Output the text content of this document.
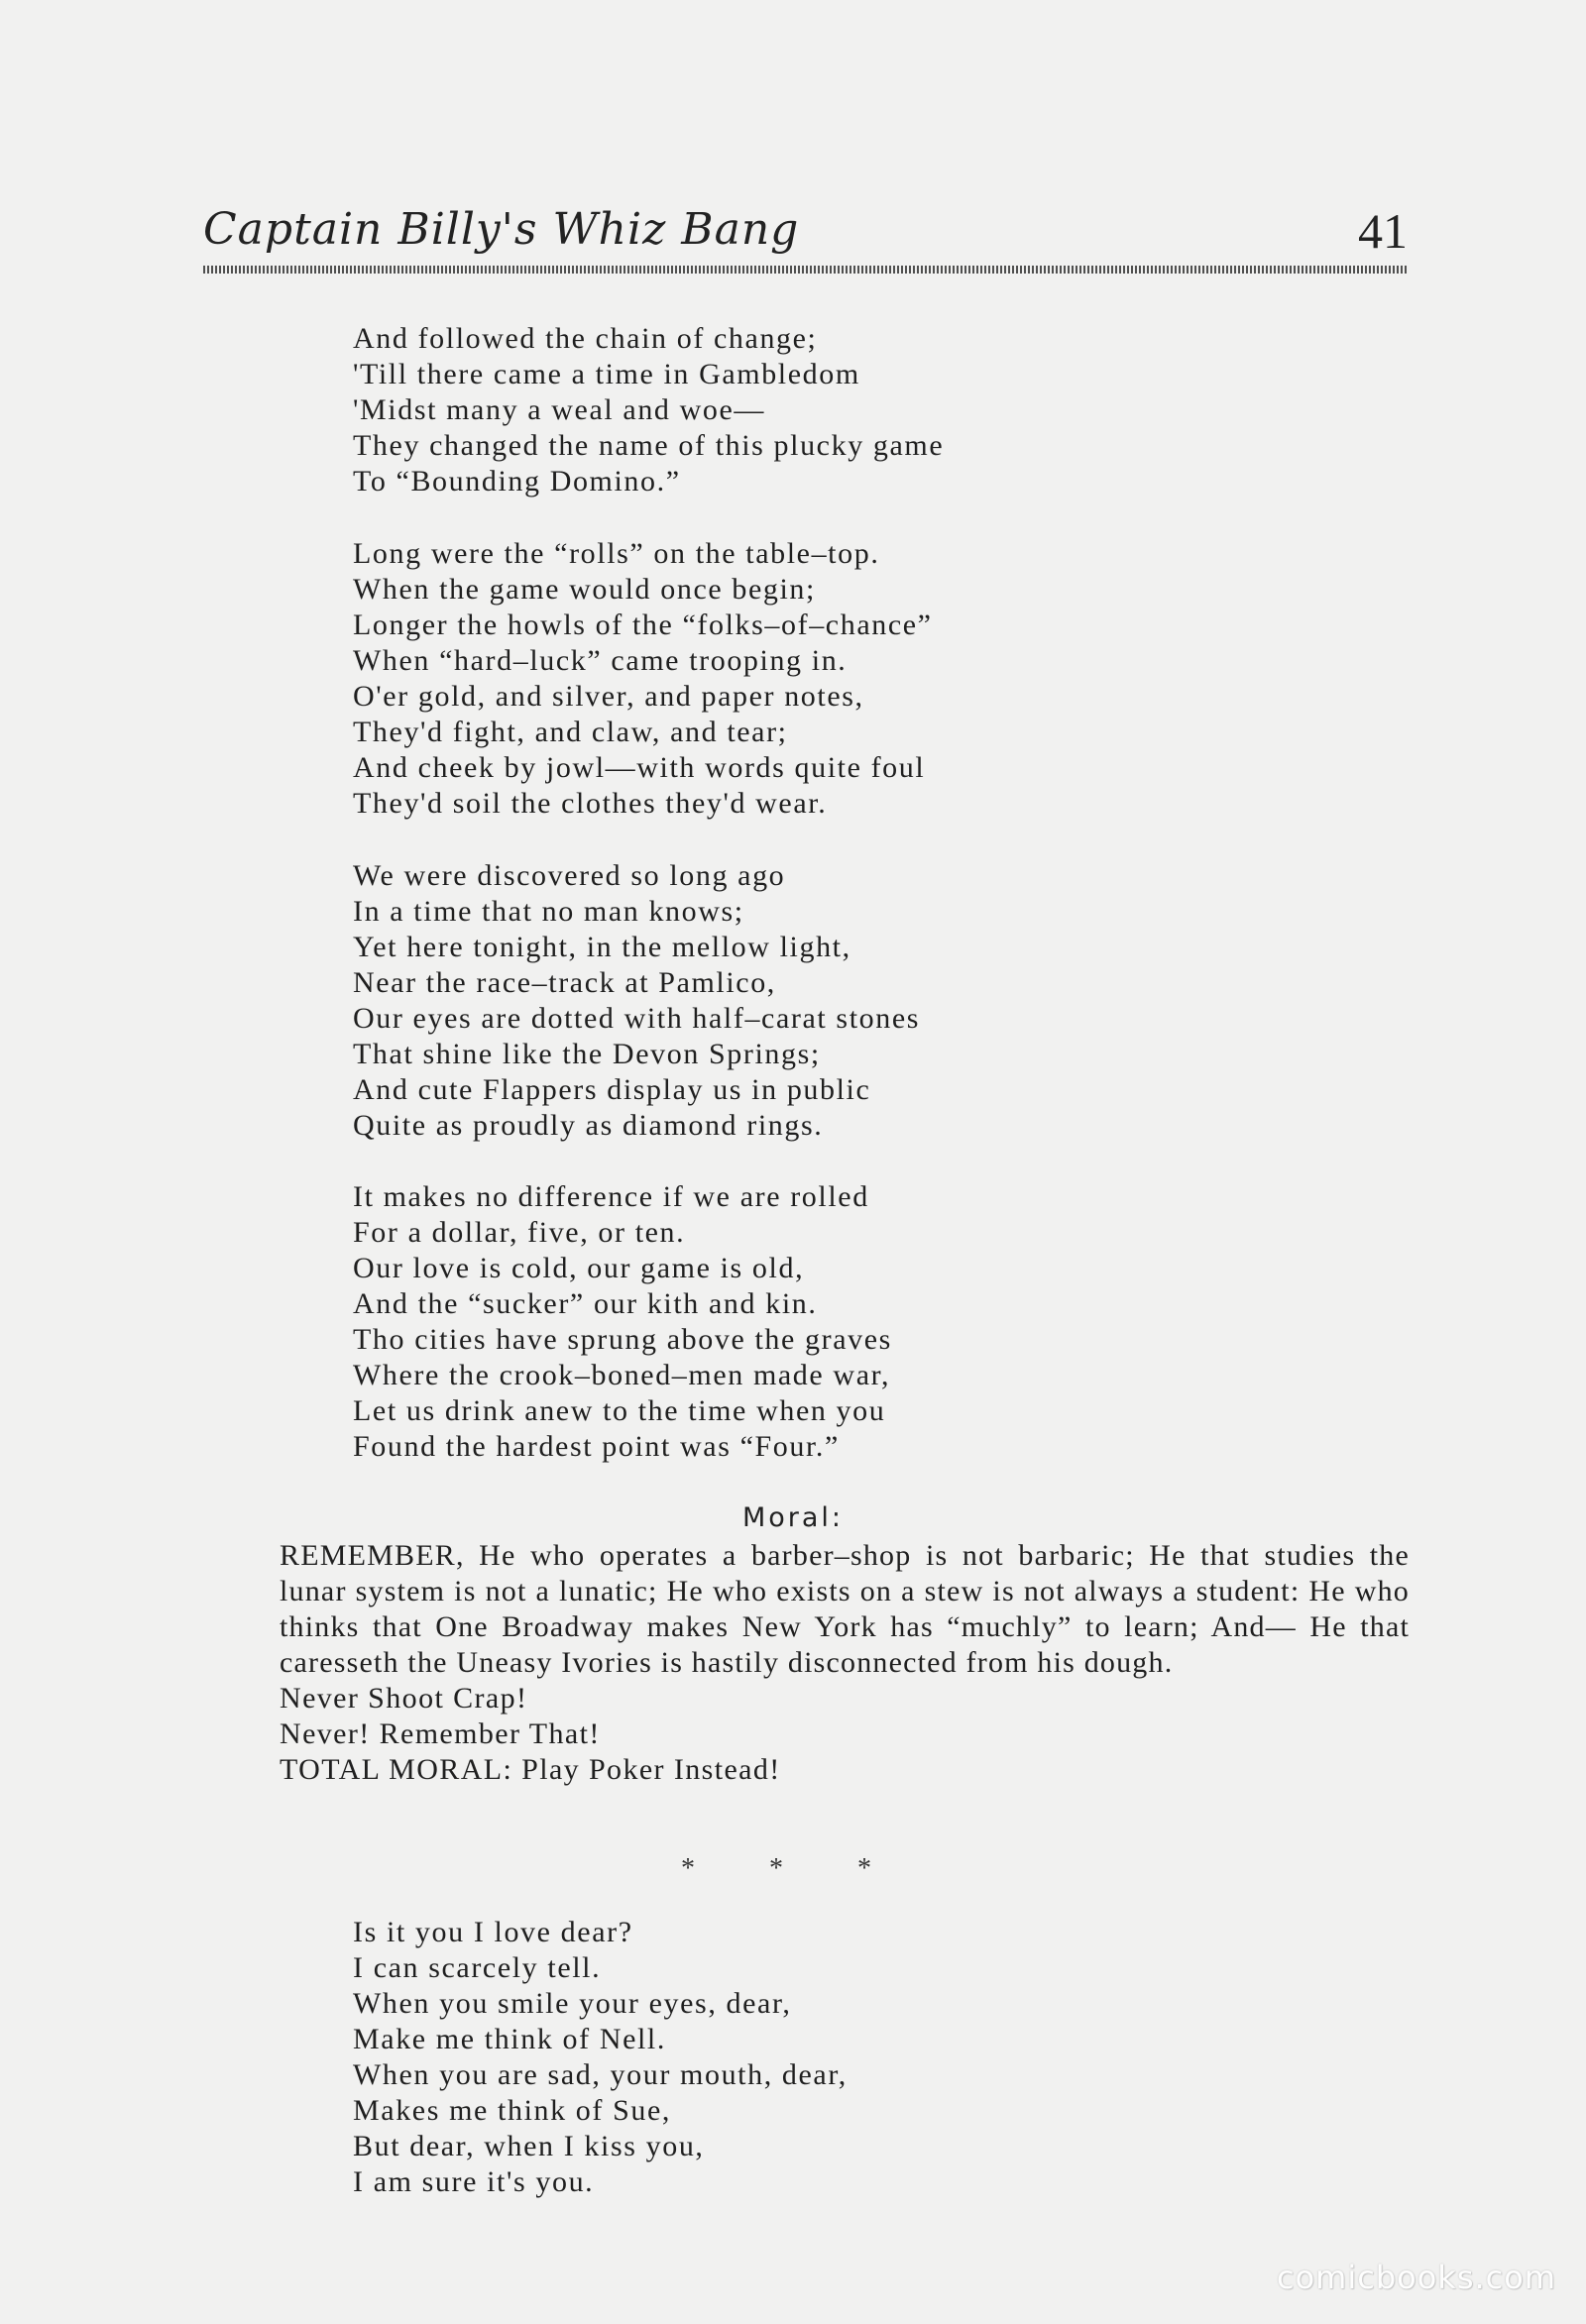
Captain Billy's Whiz Bang	41
And followed the chain of change;
'Till there came a time in Gambledom
'Midst many a weal and woe—
They changed the name of this plucky game
To “Bounding Domino.”
Long were the “rolls” on the table–top.
When the game would once begin;
Longer the howls of the “folks–of–chance”
When “hard–luck” came trooping in.
O'er gold, and silver, and paper notes,
They'd fight, and claw, and tear;
And cheek by jowl—with words quite foul
They'd soil the clothes they'd wear.
We were discovered so long ago
In a time that no man knows;
Yet here tonight, in the mellow light,
Near the race–track at Pamlico,
Our eyes are dotted with half–carat stones
That shine like the Devon Springs;
And cute Flappers display us in public
Quite as proudly as diamond rings.
It makes no difference if we are rolled
For a dollar, five, or ten.
Our love is cold, our game is old,
And the “sucker” our kith and kin.
Tho cities have sprung above the graves
Where the crook–boned–men made war,
Let us drink anew to the time when you
Found the hardest point was “Four.”
Moral:
REMEMBER, He who operates a barber–shop is not barbaric; He that studies the lunar system is not a lunatic; He who exists on a stew is not always a student: He who thinks that One Broadway makes New York has “muchly” to learn; And— He that caresseth the Uneasy Ivories is hastily disconnected from his dough.
Never Shoot Crap!
Never! Remember That!
TOTAL MORAL: Play Poker Instead!
* * *
Is it you I love dear?
I can scarcely tell.
When you smile your eyes, dear,
Make me think of Nell.
When you are sad, your mouth, dear,
Makes me think of Sue,
But dear, when I kiss you,
I am sure it's you.
comicbooks.com
